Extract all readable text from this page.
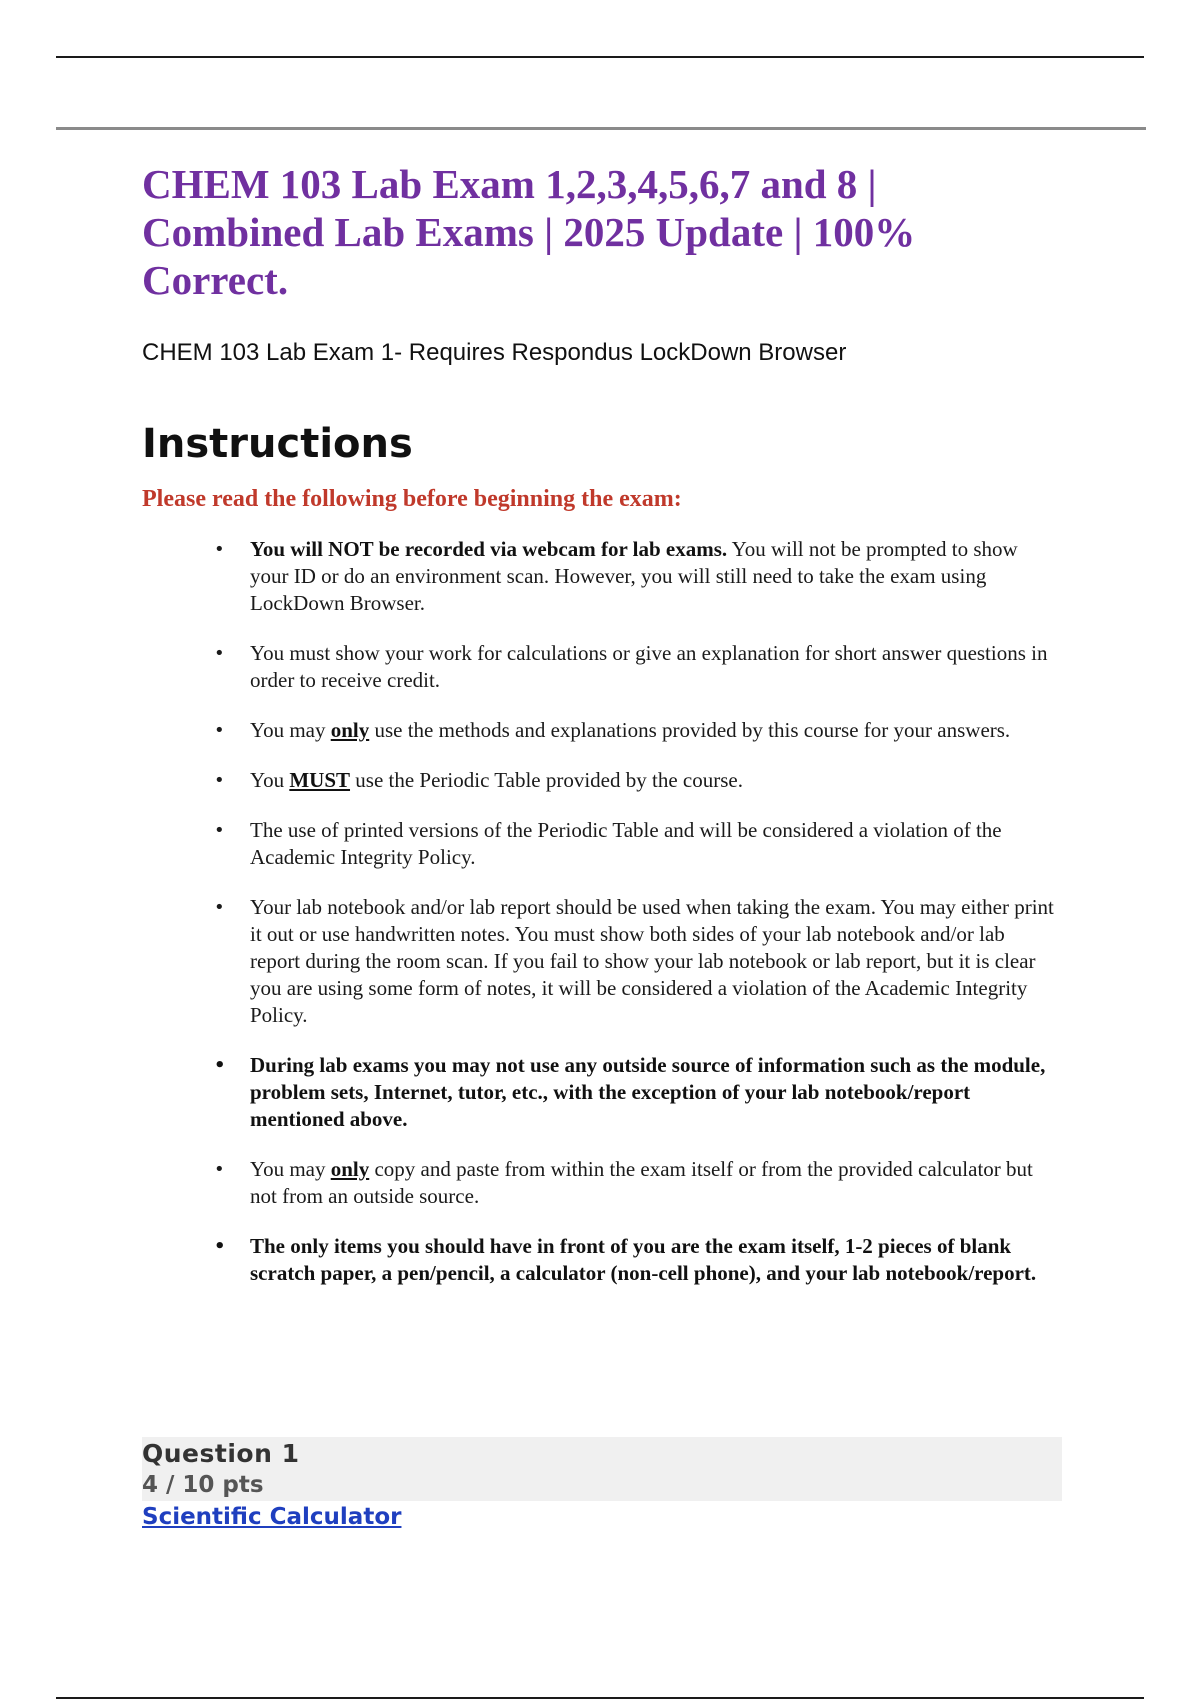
CHEM 103 Lab Exam 1,2,3,4,5,6,7 and 8 | Combined Lab Exams | 2025 Update | 100% Correct.

CHEM 103 Lab Exam 1- Requires Respondus LockDown Browser

Instructions

Please read the following before beginning the exam:

• You will NOT be recorded via webcam for lab exams. You will not be prompted to show your ID or do an environment scan. However, you will still need to take the exam using LockDown Browser.
• You must show your work for calculations or give an explanation for short answer questions in order to receive credit.
• You may only use the methods and explanations provided by this course for your answers.
• You MUST use the Periodic Table provided by the course.
• The use of printed versions of the Periodic Table and will be considered a violation of the Academic Integrity Policy.
• Your lab notebook and/or lab report should be used when taking the exam. You may either print it out or use handwritten notes. You must show both sides of your lab notebook and/or lab report during the room scan. If you fail to show your lab notebook or lab report, but it is clear you are using some form of notes, it will be considered a violation of the Academic Integrity Policy.
• During lab exams you may not use any outside source of information such as the module, problem sets, Internet, tutor, etc., with the exception of your lab notebook/report mentioned above.
• You may only copy and paste from within the exam itself or from the provided calculator but not from an outside source.
• The only items you should have in front of you are the exam itself, 1-2 pieces of blank scratch paper, a pen/pencil, a calculator (non-cell phone), and your lab notebook/report.
Question 1
4 / 10 pts
Scientific Calculator
